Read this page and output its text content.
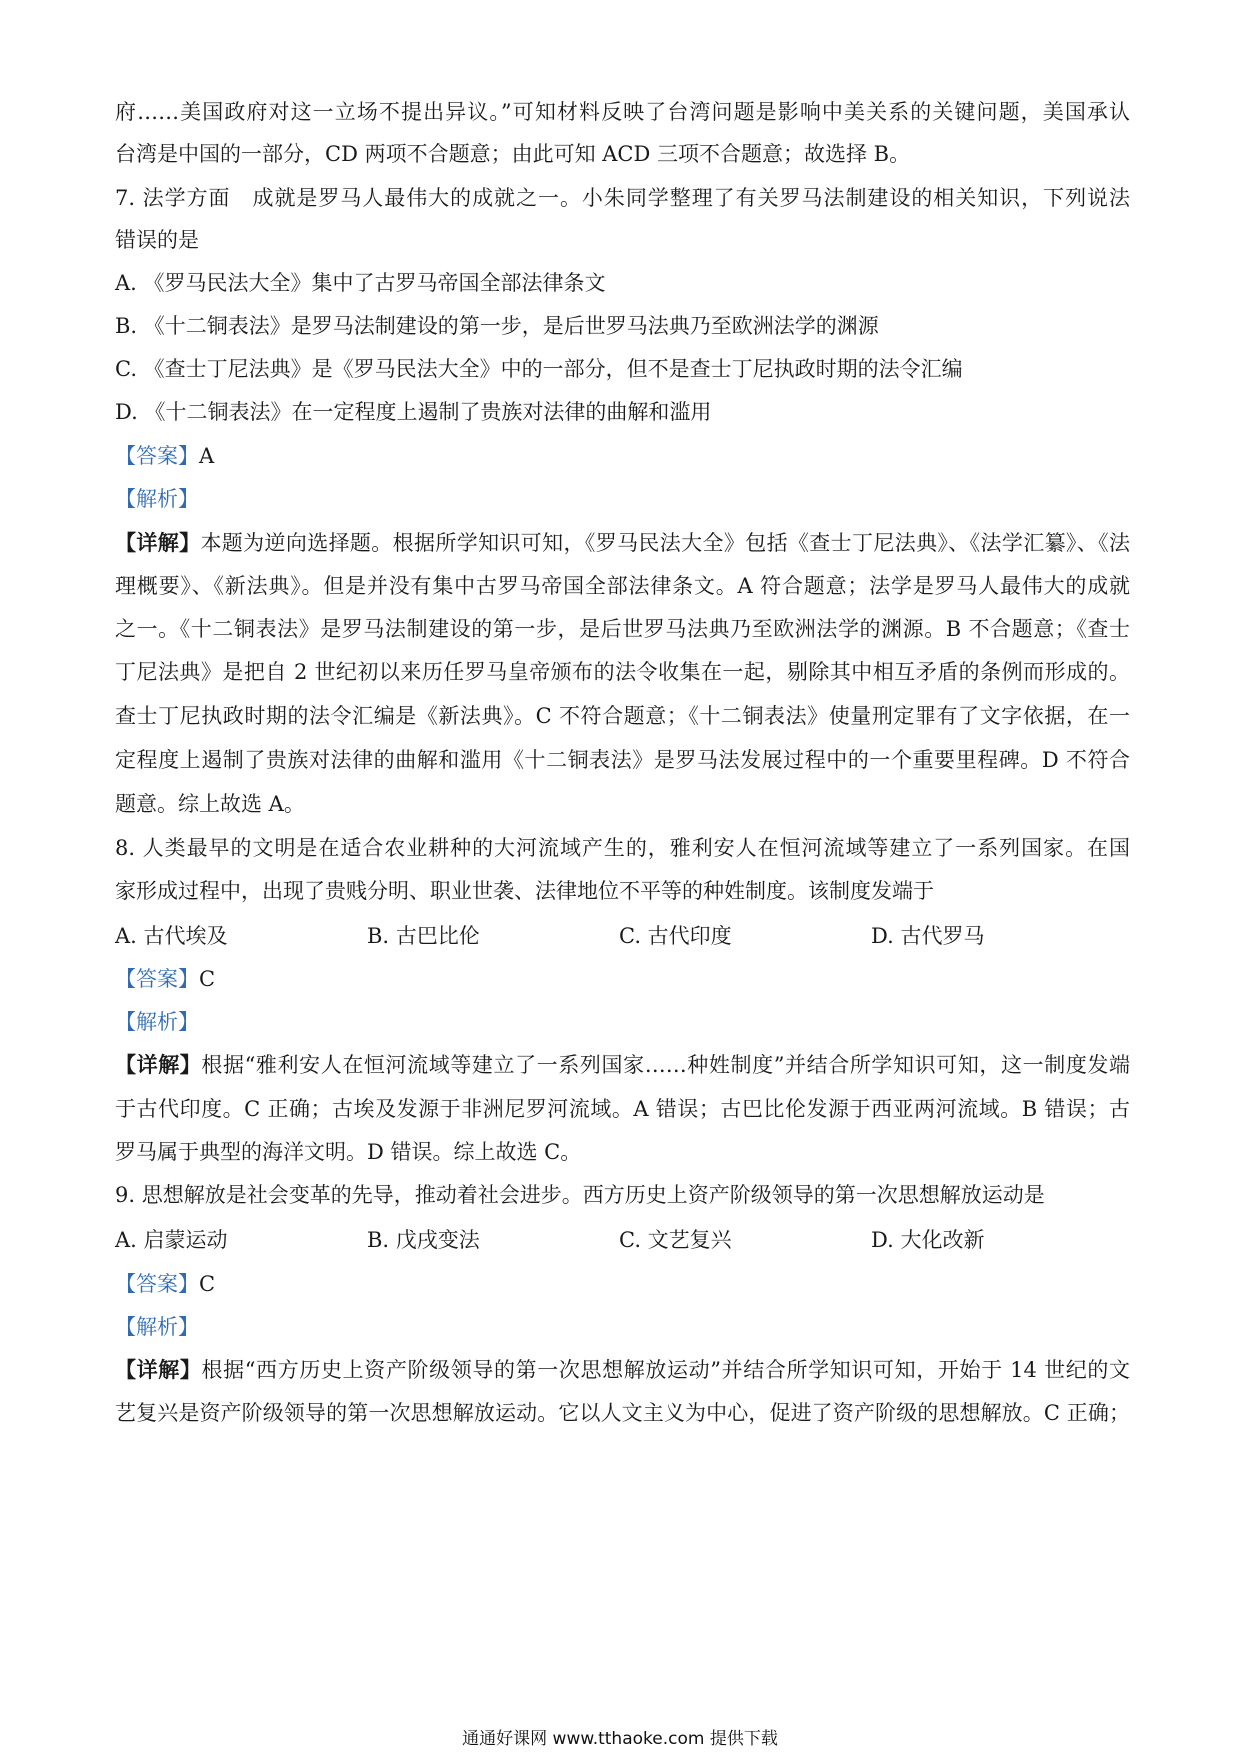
府……美国政府对这一立场不提出异议。”可知材料反映了台湾问题是影响中美关系的关键问题，美国承认
台湾是中国的一部分，CD 两项不合题意；由此可知 ACD 三项不合题意；故选择 B。
7. 法学方面　成就是罗马人最伟大的成就之一。小朱同学整理了有关罗马法制建设的相关知识，下列说法
错误的是
A. 《罗马民法大全》集中了古罗马帝国全部法律条文
B. 《十二铜表法》是罗马法制建设的第一步，是后世罗马法典乃至欧洲法学的渊源
C. 《查士丁尼法典》是《罗马民法大全》中的一部分，但不是查士丁尼执政时期的法令汇编
D. 《十二铜表法》在一定程度上遏制了贵族对法律的曲解和滥用
【答案】A
【解析】
【详解】本题为逆向选择题。根据所学知识可知，《罗马民法大全》包括《查士丁尼法典》、《法学汇纂》、《法
理概要》、《新法典》。但是并没有集中古罗马帝国全部法律条文。A 符合题意；法学是罗马人最伟大的成就
之一。《十二铜表法》是罗马法制建设的第一步，是后世罗马法典乃至欧洲法学的渊源。B 不合题意；《查士
丁尼法典》是把自 2 世纪初以来历任罗马皇帝颁布的法令收集在一起，剔除其中相互矛盾的条例而形成的。
查士丁尼执政时期的法令汇编是《新法典》。C 不符合题意；《十二铜表法》使量刑定罪有了文字依据，在一
定程度上遏制了贵族对法律的曲解和滥用《十二铜表法》是罗马法发展过程中的一个重要里程碑。D 不符合
题意。综上故选 A。
8. 人类最早的文明是在适合农业耕种的大河流域产生的，雅利安人在恒河流域等建立了一系列国家。在国
家形成过程中，出现了贵贱分明、职业世袭、法律地位不平等的种姓制度。该制度发端于
A. 古代埃及	B. 古巴比伦	C. 古代印度	D. 古代罗马
【答案】C
【解析】
【详解】根据“雅利安人在恒河流域等建立了一系列国家……种姓制度”并结合所学知识可知，这一制度发端
于古代印度。C 正确；古埃及发源于非洲尼罗河流域。A 错误；古巴比伦发源于西亚两河流域。B 错误；古
罗马属于典型的海洋文明。D 错误。综上故选 C。
9. 思想解放是社会变革的先导，推动着社会进步。西方历史上资产阶级领导的第一次思想解放运动是
A. 启蒙运动	B. 戊戌变法	C. 文艺复兴	D. 大化改新
【答案】C
【解析】
【详解】根据“西方历史上资产阶级领导的第一次思想解放运动”并结合所学知识可知，开始于 14 世纪的文
艺复兴是资产阶级领导的第一次思想解放运动。它以人文主义为中心，促进了资产阶级的思想解放。C 正确；
通通好课网 www.tthaoke.com 提供下载
